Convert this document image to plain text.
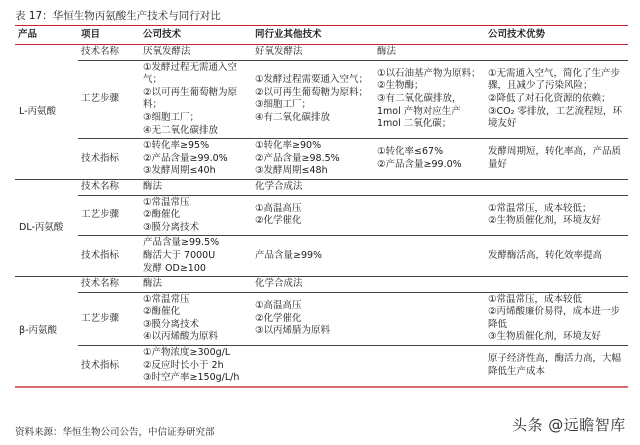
表 17：华恒生物丙氨酸生产技术与同行对比
产品	项目	公司技术	同行业其他技术		公司技术优势
L-丙氨酸	技术名称	厌氧发酵法	好氧发酵法	酶法	
	工艺步骤	①发酵过程无需通入空气；
②以可再生葡萄糖为原料；
③细胞工厂；
④无二氧化碳排放	①发酵过程需要通入空气；
②以可再生葡萄糖为原料；
③细胞工厂；
④有二氧化碳排放	①以石油基产物为原料；
②生物酶；
③有二氧化碳排放，
1mol 产物对应生产 1mol 二氧化碳；	①无需通入空气，简化了生产步骤，且减少了污染风险；
②降低了对石化资源的依赖；
③CO₂ 零排放，工艺流程短，环境友好

	技术指标	①转化率≥95%
②产品含量≥99.0%
③发酵周期≤40h	①转化率≥90%
②产品含量≥98.5%
③发酵周期≤48h	①转化率≤67%
②产品含量≥99.0%	发酵周期短，转化率高，产品质量好
DL-丙氨酸	技术名称	酶法	化学合成法		
	工艺步骤	①常温常压
②酶催化
③膜分离技术	①高温高压
②化学催化		①常温常压，成本较低；
②生物质催化剂，环境友好

	技术指标	产品含量≥99.5%
酶活大于 7000U
发酵 OD≥100	产品含量≥99%		发酵酶活高，转化效率提高
β-丙氨酸	技术名称	酶法	化学合成法		
	工艺步骤	①常温常压
②酶催化
③膜分离技术
④以丙烯酸为原料	①高温高压
②化学催化
③以丙烯腈为原料		①常温常压，成本较低
②丙烯酸廉价易得，成本进一步降低
③生物质催化剂，环境友好

	技术指标	①产物浓度≥300g/L
②反应时长小于 2h
③时空产率≥150g/L/h			原子经济性高，酶活力高，大幅降低生产成本
资料来源：华恒生物公司公告，中信证券研究部	头条 @远瞻智库
